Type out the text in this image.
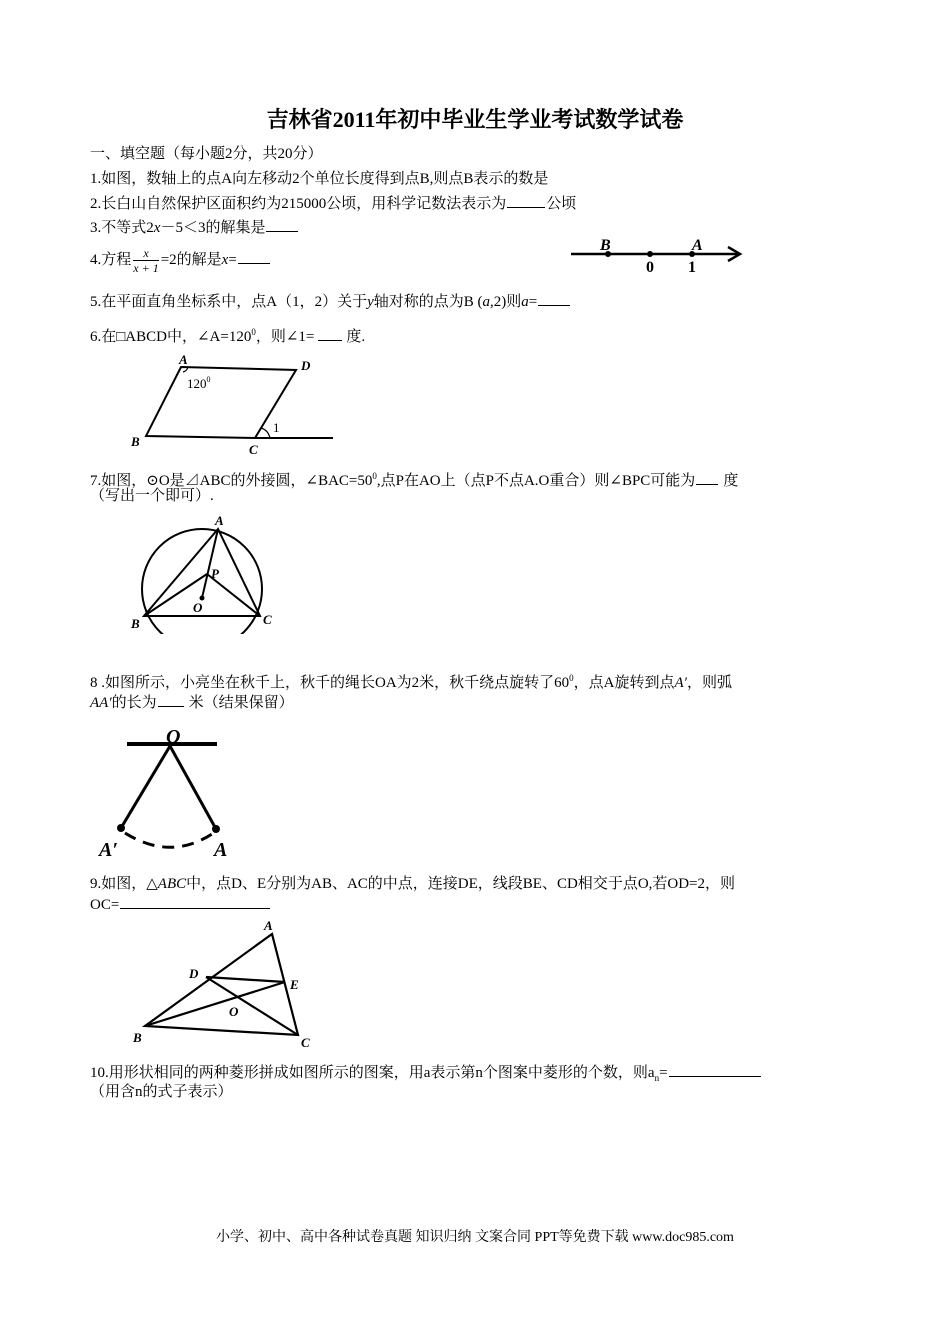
吉林省2011年初中毕业生学业考试数学试卷
一、填空题（每小题2分，共20分）
1.如图，数轴上的点A向左移动2个单位长度得到点B,则点B表示的数是
2.长白山自然保护区面积约为215000公顷，用科学记数法表示为	公顷
3.不等式2x－5＜3的解集是
4.方程 $\frac{x}{x + 1} =2$的解是x=
B	A
0 1
5.在平面直角坐标系中，点A（1，2）关于y轴对称的点为B (a,2)则a=
6.在□ABCD中，$\angle A=120^0$，则∠1= 度.
A	D
B
C
$120^0$
1
7.如图，⊙O是⊿ABC的外接圆，$\angle BAC=50^0$,点P在AO上（点P不点A.O重合）则∠BPC可能为 度
（写出一个即可）.
A
P
O
B	C
8 .如图所示，小亮坐在秋千上，秋千的绳长OA为2米，秋千绕点旋转了$60^0$，点A旋转到点A′，则弧
AA′的长为 米（结果保留）
O
A′	A
9.如图，△ABC中，点D、E分别为AB、AC的中点，连接DE，线段BE、CD相交于点O,若OD=2，则
OC=
A
D
E
O
B	C
10.用形状相同的两种菱形拼成如图所示的图案，用a表示第n个图案中菱形的个数，则$a_n=$
（用含n的式子表示）
小学、初中、高中各种试卷真题 知识归纳 文案合同 PPT等免费下载 www.doc985.com
